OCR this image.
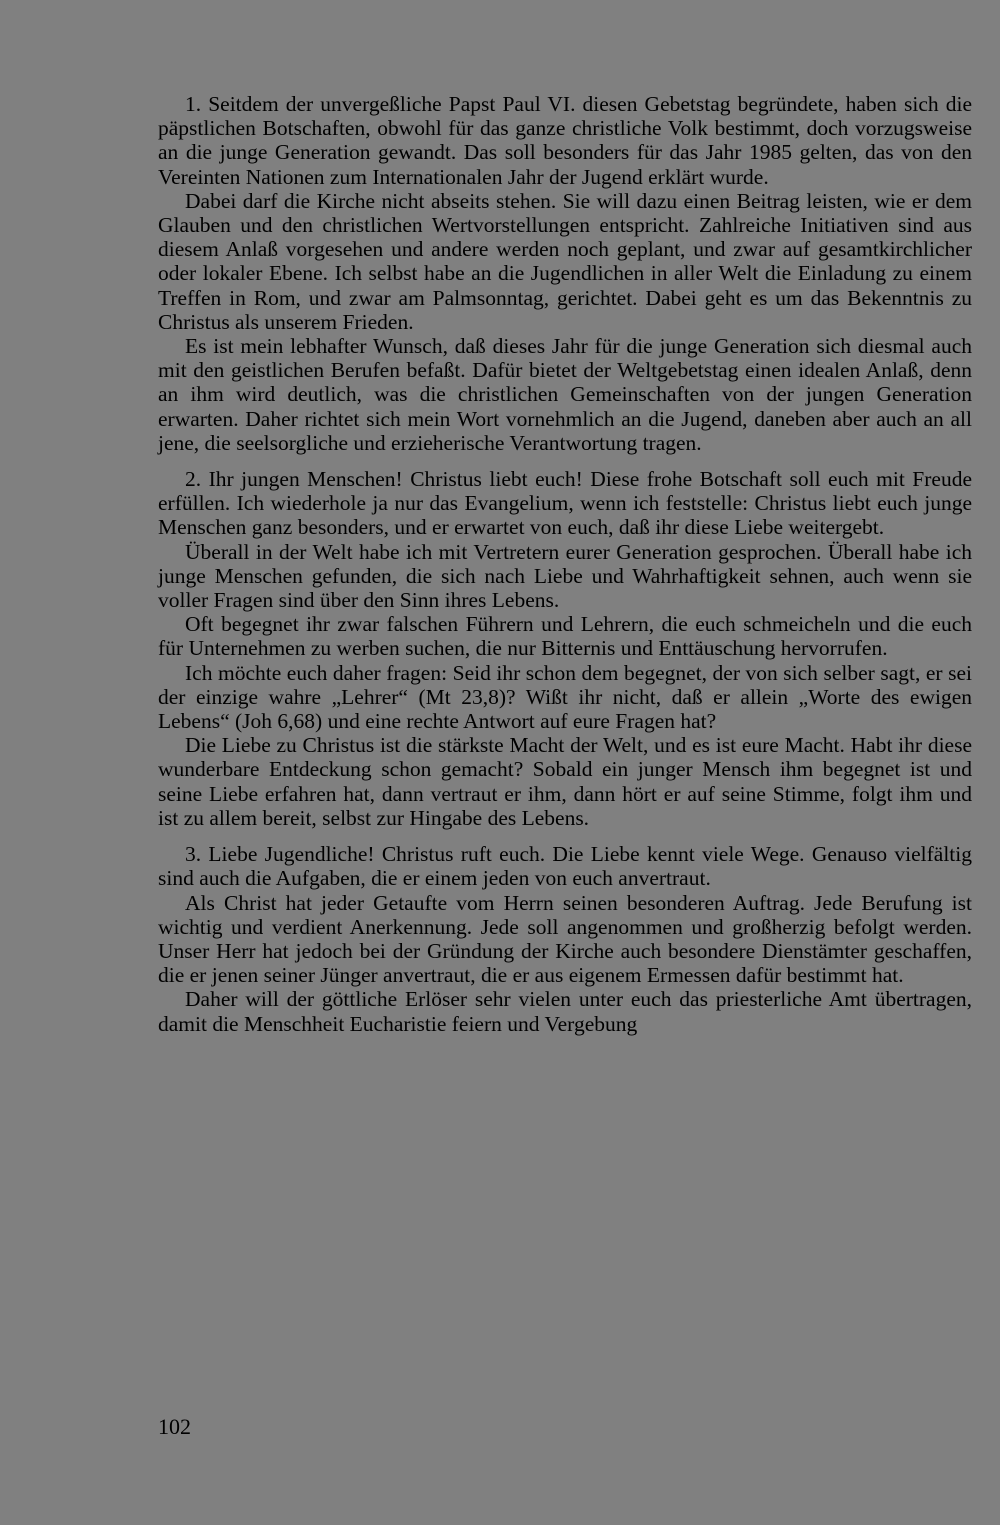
1. Seitdem der unvergeßliche Papst Paul VI. diesen Gebetstag begründete, haben sich die päpstlichen Botschaften, obwohl für das ganze christliche Volk bestimmt, doch vorzugsweise an die junge Generation gewandt. Das soll besonders für das Jahr 1985 gelten, das von den Vereinten Nationen zum Internationalen Jahr der Jugend erklärt wurde.

Dabei darf die Kirche nicht abseits stehen. Sie will dazu einen Beitrag leisten, wie er dem Glauben und den christlichen Wertvorstellungen entspricht. Zahlreiche Initiativen sind aus diesem Anlaß vorgesehen und andere werden noch geplant, und zwar auf gesamtkirchlicher oder lokaler Ebene. Ich selbst habe an die Jugendlichen in aller Welt die Einladung zu einem Treffen in Rom, und zwar am Palmsonntag, gerichtet. Dabei geht es um das Bekenntnis zu Christus als unserem Frieden.

Es ist mein lebhafter Wunsch, daß dieses Jahr für die junge Generation sich diesmal auch mit den geistlichen Berufen befaßt. Dafür bietet der Weltgebetstag einen idealen Anlaß, denn an ihm wird deutlich, was die christlichen Gemeinschaften von der jungen Generation erwarten. Daher richtet sich mein Wort vornehmlich an die Jugend, daneben aber auch an all jene, die seelsorgliche und erzieherische Verantwortung tragen.

2. Ihr jungen Menschen! Christus liebt euch! Diese frohe Botschaft soll euch mit Freude erfüllen. Ich wiederhole ja nur das Evangelium, wenn ich feststelle: Christus liebt euch junge Menschen ganz besonders, und er erwartet von euch, daß ihr diese Liebe weitergebt.

Überall in der Welt habe ich mit Vertretern eurer Generation gesprochen. Überall habe ich junge Menschen gefunden, die sich nach Liebe und Wahrhaftigkeit sehnen, auch wenn sie voller Fragen sind über den Sinn ihres Lebens.

Oft begegnet ihr zwar falschen Führern und Lehrern, die euch schmeicheln und die euch für Unternehmen zu werben suchen, die nur Bitternis und Enttäuschung hervorrufen.

Ich möchte euch daher fragen: Seid ihr schon dem begegnet, der von sich selber sagt, er sei der einzige wahre „Lehrer“ (Mt 23,8)? Wißt ihr nicht, daß er allein „Worte des ewigen Lebens“ (Joh 6,68) und eine rechte Antwort auf eure Fragen hat?

Die Liebe zu Christus ist die stärkste Macht der Welt, und es ist eure Macht. Habt ihr diese wunderbare Entdeckung schon gemacht? Sobald ein junger Mensch ihm begegnet ist und seine Liebe erfahren hat, dann vertraut er ihm, dann hört er auf seine Stimme, folgt ihm und ist zu allem bereit, selbst zur Hingabe des Lebens.

3. Liebe Jugendliche! Christus ruft euch. Die Liebe kennt viele Wege. Genauso vielfältig sind auch die Aufgaben, die er einem jeden von euch anvertraut.

Als Christ hat jeder Getaufte vom Herrn seinen besonderen Auftrag. Jede Berufung ist wichtig und verdient Anerkennung. Jede soll angenommen und großherzig befolgt werden. Unser Herr hat jedoch bei der Gründung der Kirche auch besondere Dienstämter geschaffen, die er jenen seiner Jünger anvertraut, die er aus eigenem Ermessen dafür bestimmt hat.

Daher will der göttliche Erlöser sehr vielen unter euch das priesterliche Amt übertragen, damit die Menschheit Eucharistie feiern und Vergebung

102
